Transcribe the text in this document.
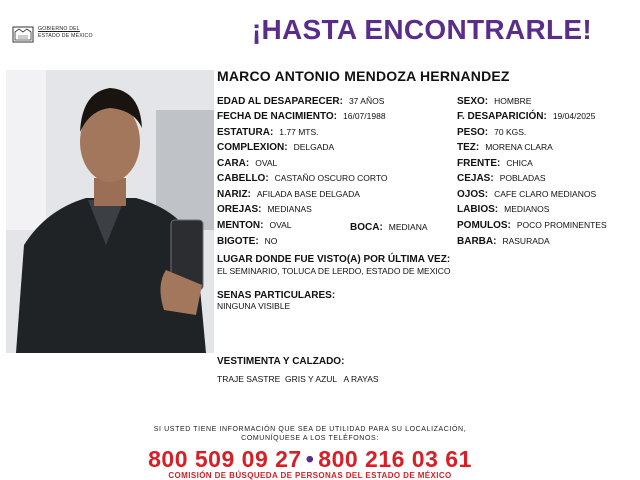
GOBIERNO DEL
ESTADO DE MÉXICO	¡HASTA ENCONTRARLE!
MARCO ANTONIO MENDOZA HERNANDEZ
EDAD AL DESAPARECER: 37 AÑOS
FECHA DE NACIMIENTO: 16/07/1988
ESTATURA: 1.77 MTS.
COMPLEXION: DELGADA
CARA: OVAL
CABELLO: CASTAÑO OSCURO CORTO
NARIZ: AFILADA BASE DELGADA
OREJAS: MEDIANAS
MENTON: OVAL	BOCA: MEDIANA
BIGOTE: NO
SEXO: HOMBRE
F. DESAPARICIÓN: 19/04/2025
PESO: 70 KGS.
TEZ: MORENA CLARA
FRENTE: CHICA
CEJAS: POBLADAS
OJOS: CAFE CLARO MEDIANOS
LABIOS: MEDIANOS
POMULOS: POCO PROMINENTES
BARBA: RASURADA
LUGAR DONDE FUE VISTO(A) POR ÚLTIMA VEZ:
EL SEMINARIO, TOLUCA DE LERDO, ESTADO DE MEXICO
SENAS PARTICULARES:
NINGUNA VISIBLE
VESTIMENTA Y CALZADO:
TRAJE SASTRE  GRIS Y AZUL   A RAYAS
SI USTED TIENE INFORMACIÓN QUE SEA DE UTILIDAD PARA SU LOCALIZACIÓN,
COMUNÍQUESE A LOS TELÉFONOS:
800 509 09 27 • 800 216 03 61
COMISIÓN DE BÚSQUEDA DE PERSONAS DEL ESTADO DE MÉXICO
